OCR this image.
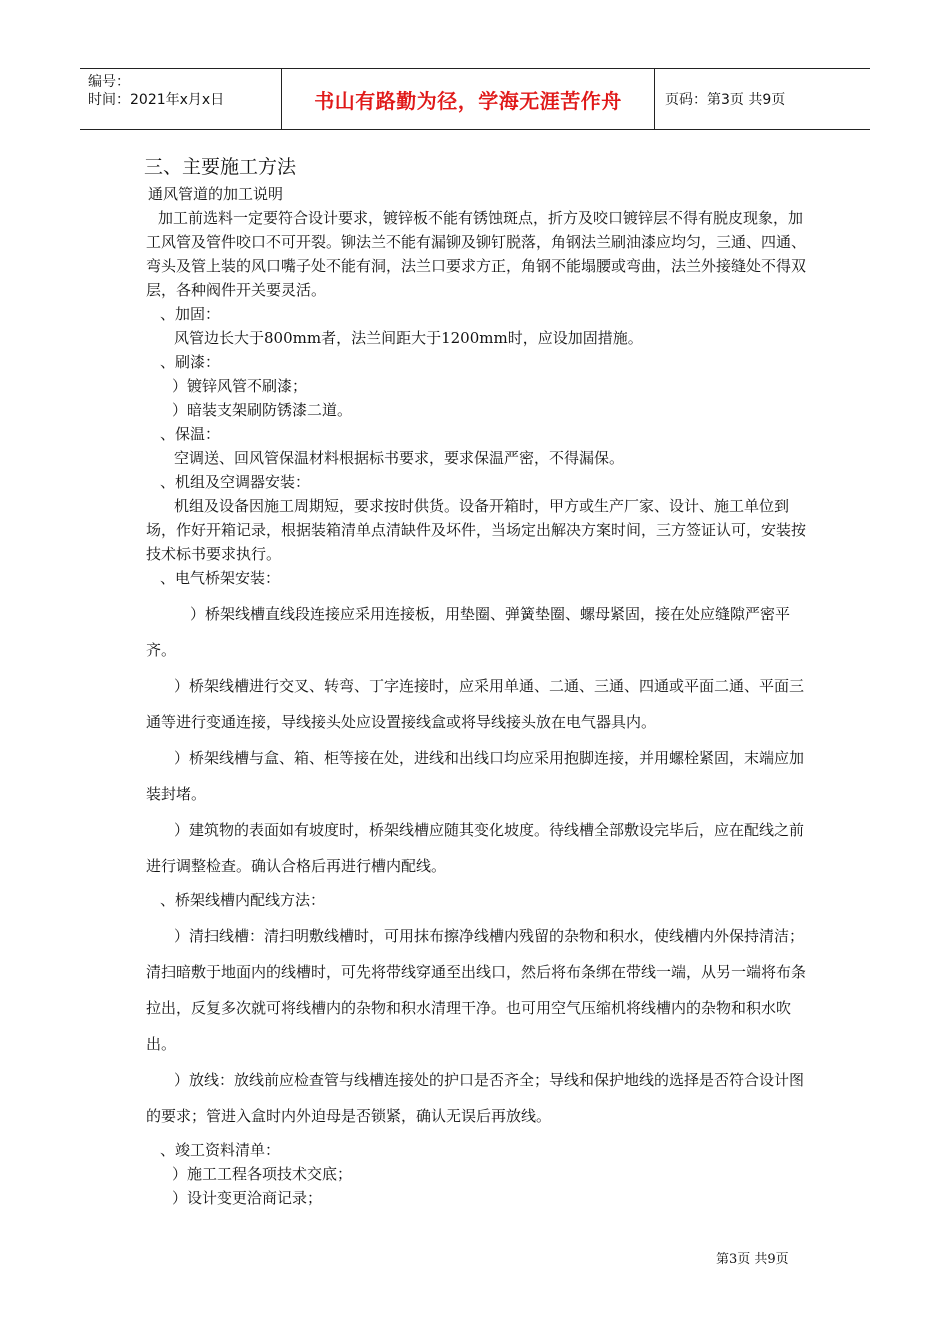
编号：
时间：2021年x月x日	书山有路勤为径，学海无涯苦作舟	页码：第3页 共9页
三、主要施工方法

通风管道的加工说明

加工前选料一定要符合设计要求，镀锌板不能有锈蚀斑点，折方及咬口镀锌层不得有脱皮现象，加工风管及管件咬口不可开裂。铆法兰不能有漏铆及铆钉脱落，角钢法兰刷油漆应均匀，三通、四通、弯头及管上装的风口嘴子处不能有洞，法兰口要求方正，角钢不能塌腰或弯曲，法兰外接缝处不得双层，各种阀件开关要灵活。

、加固：

风管边长大于800mm者，法兰间距大于1200mm时，应设加固措施。

、刷漆：

）镀锌风管不刷漆；

）暗装支架刷防锈漆二道。

、保温：

空调送、回风管保温材料根据标书要求，要求保温严密，不得漏保。

、机组及空调器安装：

机组及设备因施工周期短，要求按时供货。设备开箱时，甲方或生产厂家、设计、施工单位到场，作好开箱记录，根据装箱清单点清缺件及坏件，当场定出解决方案时间，三方签证认可，安装按技术标书要求执行。

、电气桥架安装：

）桥架线槽直线段连接应采用连接板，用垫圈、弹簧垫圈、螺母紧固，接在处应缝隙严密平齐。

）桥架线槽进行交叉、转弯、丁字连接时，应采用单通、二通、三通、四通或平面二通、平面三通等进行变通连接，导线接头处应设置接线盒或将导线接头放在电气器具内。

）桥架线槽与盒、箱、柜等接在处，进线和出线口均应采用抱脚连接，并用螺栓紧固，末端应加装封堵。

）建筑物的表面如有坡度时，桥架线槽应随其变化坡度。待线槽全部敷设完毕后，应在配线之前进行调整检查。确认合格后再进行槽内配线。

、桥架线槽内配线方法：

）清扫线槽：清扫明敷线槽时，可用抹布擦净线槽内残留的杂物和积水，使线槽内外保持清洁；清扫暗敷于地面内的线槽时，可先将带线穿通至出线口，然后将布条绑在带线一端，从另一端将布条拉出，反复多次就可将线槽内的杂物和积水清理干净。也可用空气压缩机将线槽内的杂物和积水吹出。

）放线：放线前应检查管与线槽连接处的护口是否齐全；导线和保护地线的选择是否符合设计图的要求；管进入盒时内外迫母是否锁紧，确认无误后再放线。

、竣工资料清单：

）施工工程各项技术交底；

）设计变更洽商记录；

第3页 共9页
